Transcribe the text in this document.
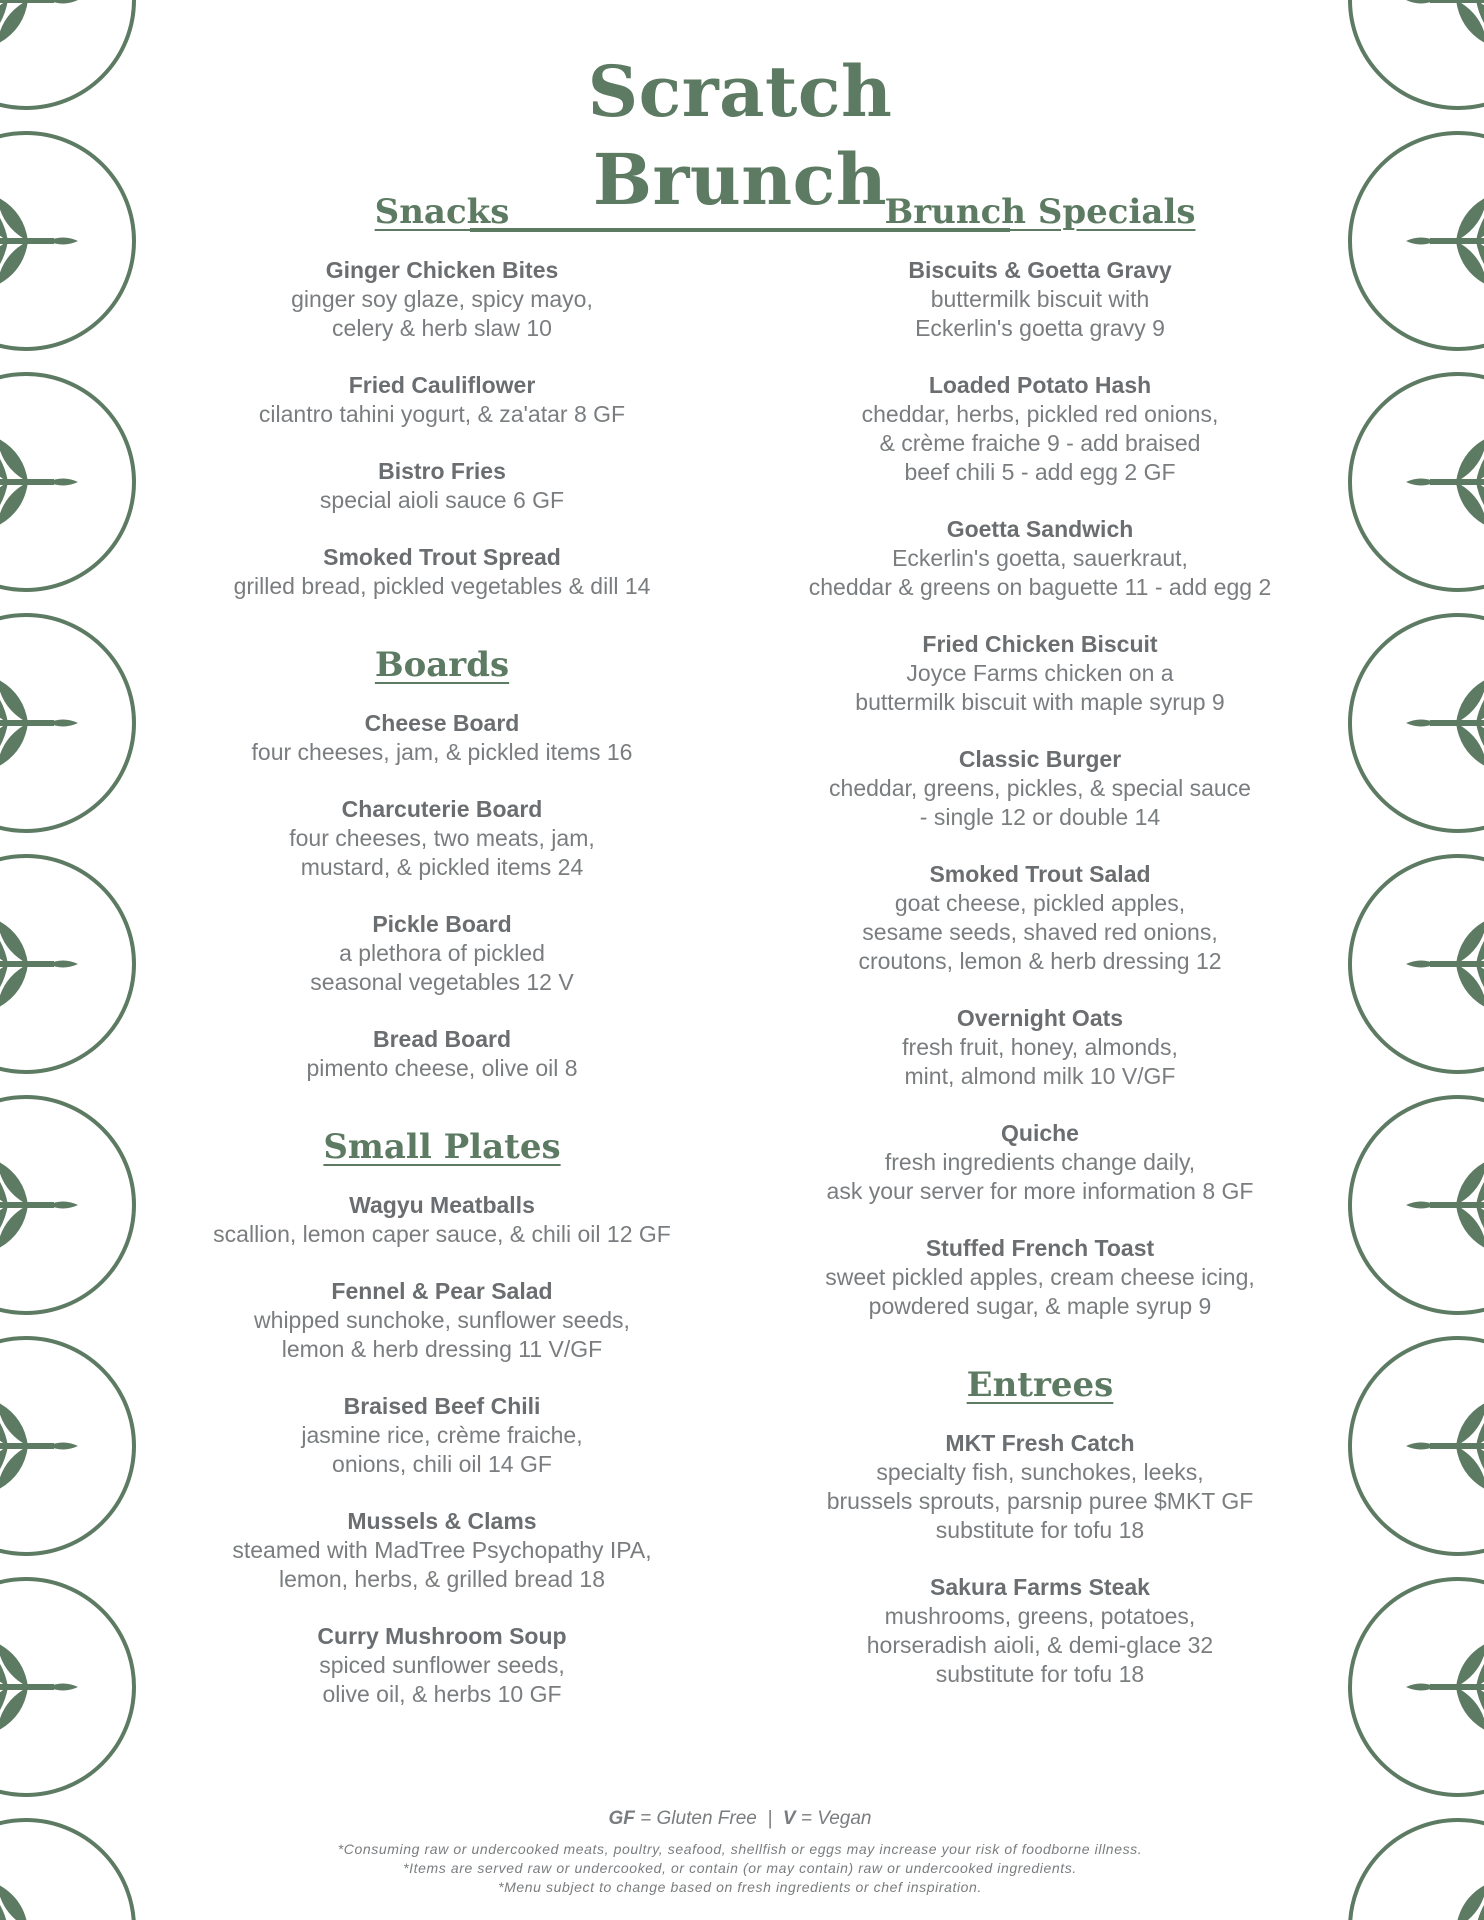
Scratch Brunch
Snacks
Ginger Chicken Bites
ginger soy glaze, spicy mayo,
celery & herb slaw 10
Fried Cauliflower
cilantro tahini yogurt, & za'atar 8 GF
Bistro Fries
special aioli sauce 6 GF
Smoked Trout Spread
grilled bread, pickled vegetables & dill 14
Boards
Cheese Board
four cheeses, jam, & pickled items 16
Charcuterie Board
four cheeses, two meats, jam,
mustard, & pickled items 24
Pickle Board
a plethora of pickled
seasonal vegetables 12 V
Bread Board
pimento cheese, olive oil 8
Small Plates
Wagyu Meatballs
scallion, lemon caper sauce, & chili oil 12 GF
Fennel & Pear Salad
whipped sunchoke, sunflower seeds,
lemon & herb dressing 11 V/GF
Braised Beef Chili
jasmine rice, crème fraiche,
onions, chili oil 14 GF
Mussels & Clams
steamed with MadTree Psychopathy IPA,
lemon, herbs, & grilled bread 18
Curry Mushroom Soup
spiced sunflower seeds,
olive oil, & herbs 10 GF
Brunch Specials
Biscuits & Goetta Gravy
buttermilk biscuit with
Eckerlin's goetta gravy 9
Loaded Potato Hash
cheddar, herbs, pickled red onions,
& crème fraiche 9 - add braised
beef chili 5 - add egg 2 GF
Goetta Sandwich
Eckerlin's goetta, sauerkraut,
cheddar & greens on baguette 11 - add egg 2
Fried Chicken Biscuit
Joyce Farms chicken on a
buttermilk biscuit with maple syrup 9
Classic Burger
cheddar, greens, pickles, & special sauce
- single 12 or double 14
Smoked Trout Salad
goat cheese, pickled apples,
sesame seeds, shaved red onions,
croutons, lemon & herb dressing 12
Overnight Oats
fresh fruit, honey, almonds,
mint, almond milk 10 V/GF
Quiche
fresh ingredients change daily,
ask your server for more information 8 GF
Stuffed French Toast
sweet pickled apples, cream cheese icing,
powdered sugar, & maple syrup 9
Entrees
MKT Fresh Catch
specialty fish, sunchokes, leeks,
brussels sprouts, parsnip puree $MKT GF
substitute for tofu 18
Sakura Farms Steak
mushrooms, greens, potatoes,
horseradish aioli, & demi-glace 32
substitute for tofu 18
GF = Gluten Free | V = Vegan
*Consuming raw or undercooked meats, poultry, seafood, shellfish or eggs may increase your risk of foodborne illness.
*Items are served raw or undercooked, or contain (or may contain) raw or undercooked ingredients.
*Menu subject to change based on fresh ingredients or chef inspiration.
